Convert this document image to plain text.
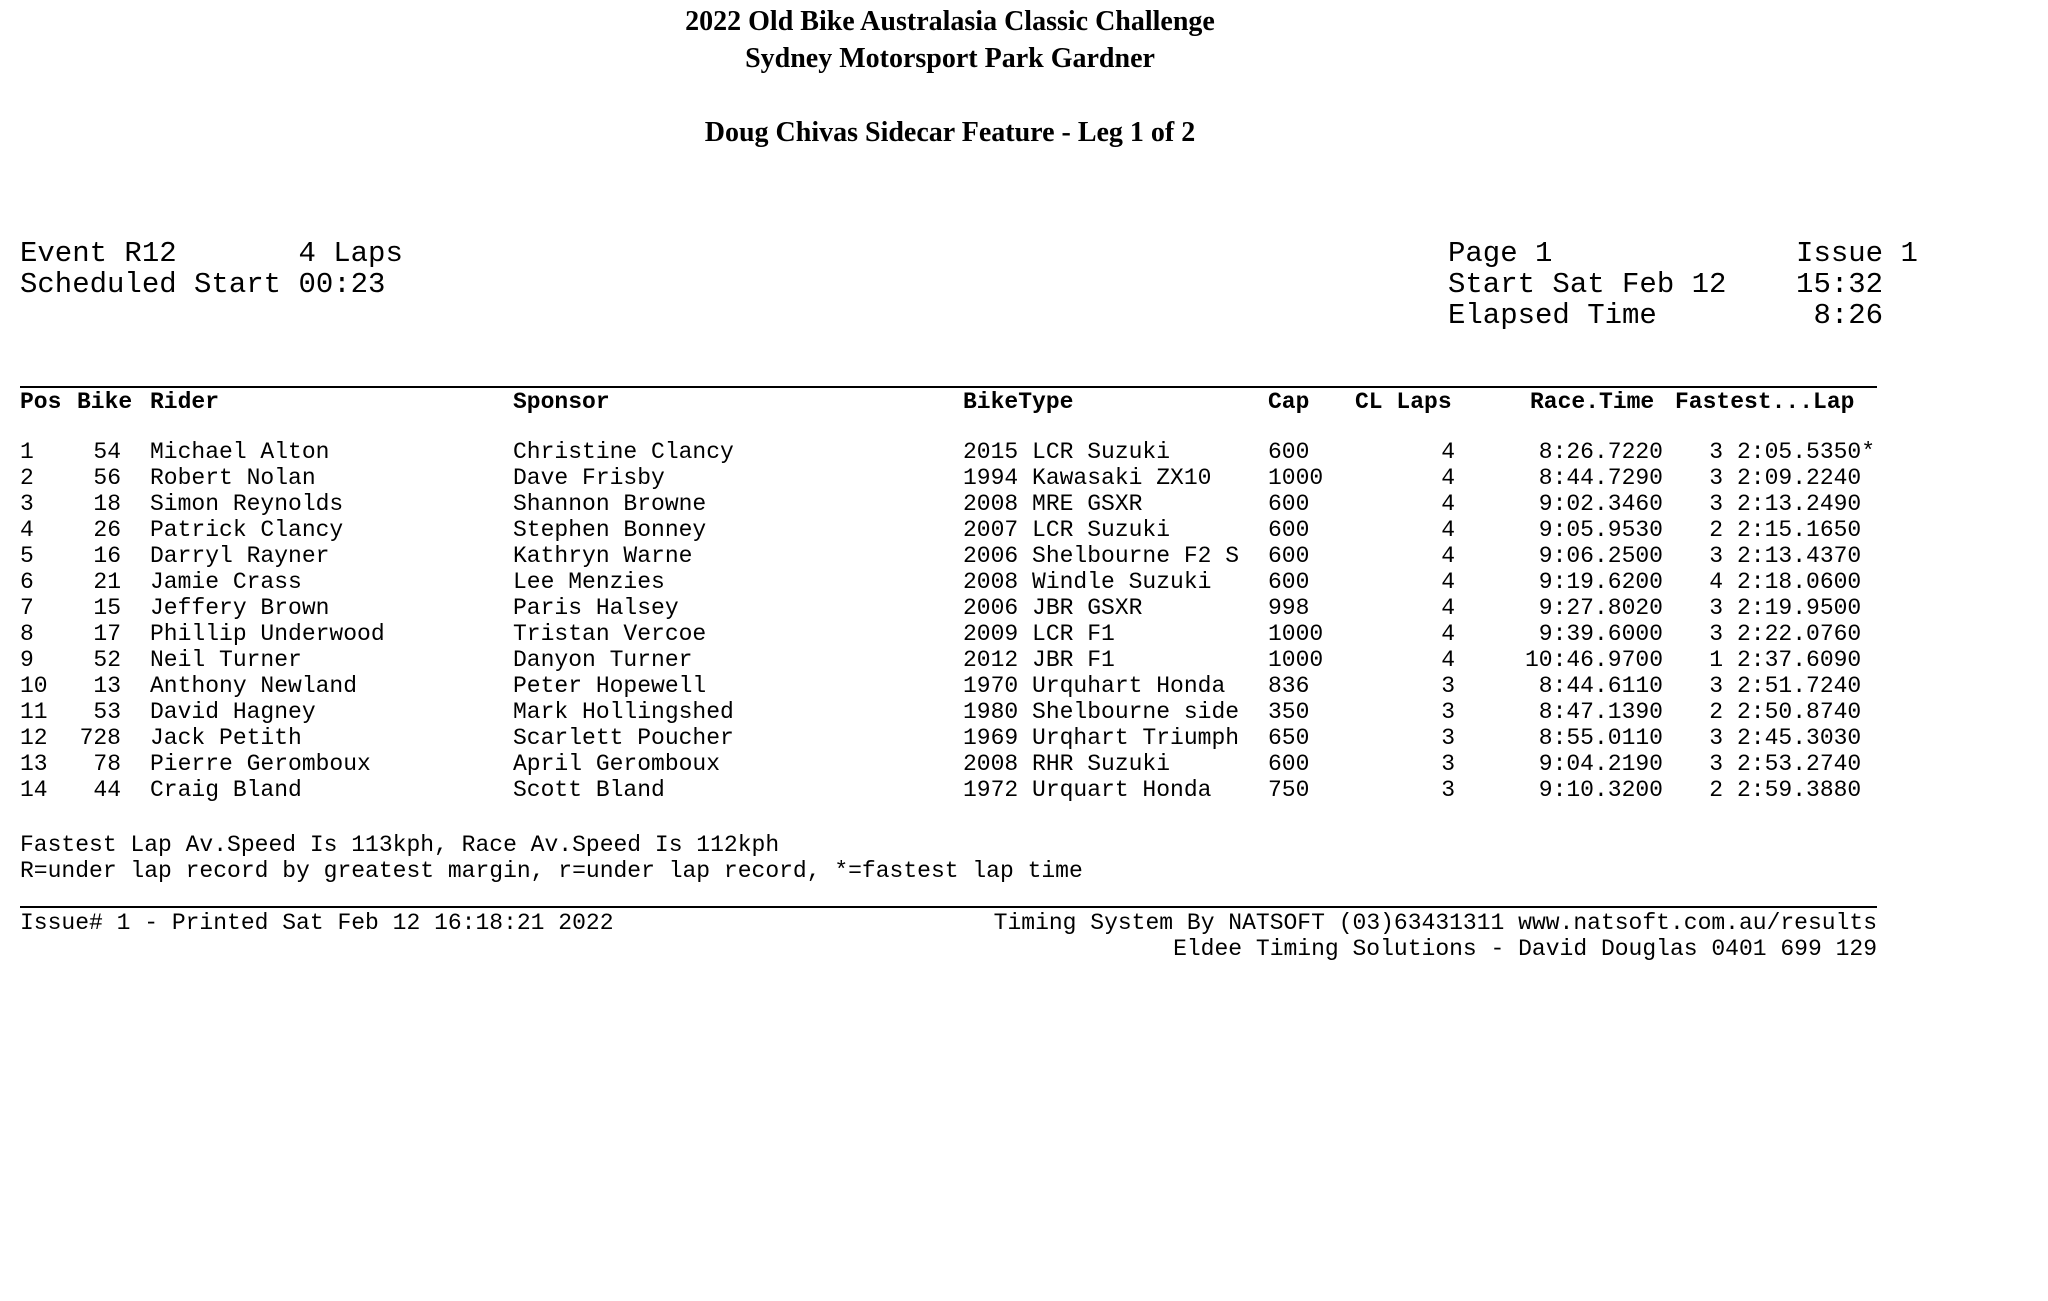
2022 Old Bike Australasia Classic Challenge
Sydney Motorsport Park Gardner
Doug Chivas Sidecar Feature - Leg 1 of 2
Event R12       4 Laps
Scheduled Start 00:23
Page 1              Issue 1
Start Sat Feb 12    15:32
Elapsed Time         8:26
Pos Bike Rider	Sponsor	BikeType	Cap CL Laps	Race.Time Fastest...Lap
1	54 Michael Alton	Christine Clancy	2015 LCR Suzuki	600	4	8:26.7220 3 2:05.5350*
2	56 Robert Nolan	Dave Frisby	1994 Kawasaki ZX10 1000	4	8:44.7290 3 2:09.2240
3	18 Simon Reynolds	Shannon Browne	2008 MRE GSXR	600	4	9:02.3460 3 2:13.2490
4	26 Patrick Clancy	Stephen Bonney	2007 LCR Suzuki	600	4	9:05.9530 2 2:15.1650
5	16 Darryl Rayner	Kathryn Warne	2006 Shelbourne F2 S 600	4	9:06.2500 3 2:13.4370
6	21 Jamie Crass	Lee Menzies	2008 Windle Suzuki 600	4	9:19.6200 4 2:18.0600
7	15 Jeffery Brown	Paris Halsey	2006 JBR GSXR	998	4	9:27.8020 3 2:19.9500
8	17 Phillip Underwood	Tristan Vercoe	2009 LCR F1	1000	4	9:39.6000 3 2:22.0760
9	52 Neil Turner	Danyon Turner	2012 JBR F1	1000	4	10:46.9700 1 2:37.6090
10	13 Anthony Newland	Peter Hopewell	1970 Urquhart Honda 836	3	8:44.6110 3 2:51.7240
11	53 David Hagney	Mark Hollingshed	1980 Shelbourne side 350	3	8:47.1390 2 2:50.8740
12 728 Jack Petith	Scarlett Poucher	1969 Urqhart Triumph 650	3	8:55.0110 3 2:45.3030
13	78 Pierre Geromboux	April Geromboux	2008 RHR Suzuki	600	3	9:04.2190 3 2:53.2740
14	44 Craig Bland	Scott Bland	1972 Urquart Honda 750	3	9:10.3200 2 2:59.3880
Fastest Lap Av.Speed Is 113kph, Race Av.Speed Is 112kph
R=under lap record by greatest margin, r=under lap record, *=fastest lap time
Issue# 1 - Printed Sat Feb 12 16:18:21 2022	Timing System By NATSOFT (03)63431311 www.natsoft.com.au/results
Eldee Timing Solutions - David Douglas 0401 699 129
